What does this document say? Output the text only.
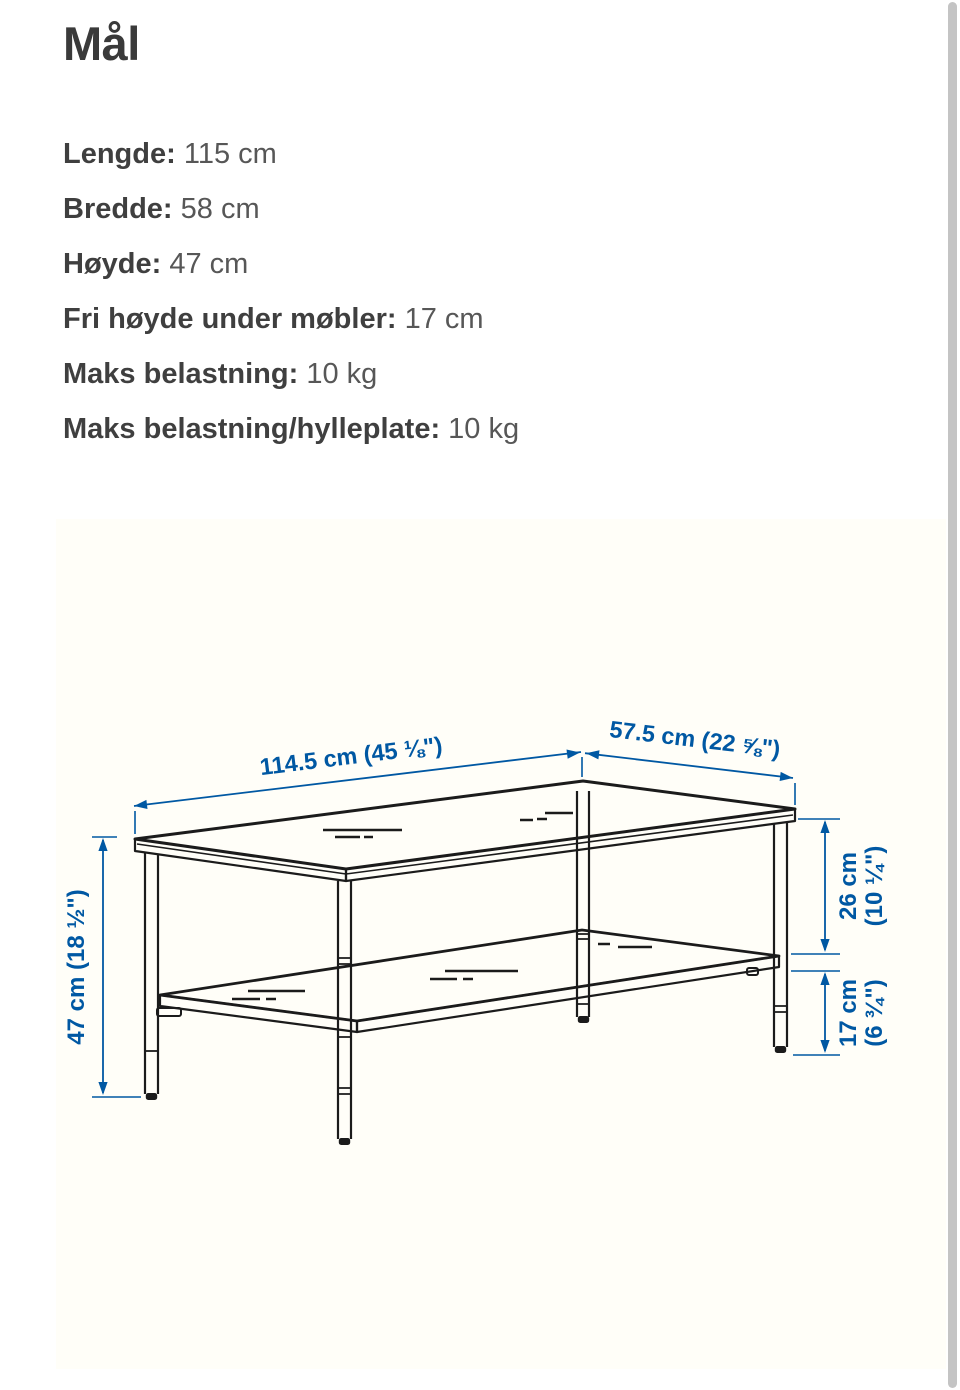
Mål
Lengde: 115 cm
Bredde: 58 cm
Høyde: 47 cm
Fri høyde under møbler: 17 cm
Maks belastning: 10 kg
Maks belastning/hylleplate: 10 kg
114.5 cm (45 ⅛")	57.5 cm (22 ⅝")
47 cm (18 ½")
26 cm (10 ¼")
17 cm (6 ¾")
